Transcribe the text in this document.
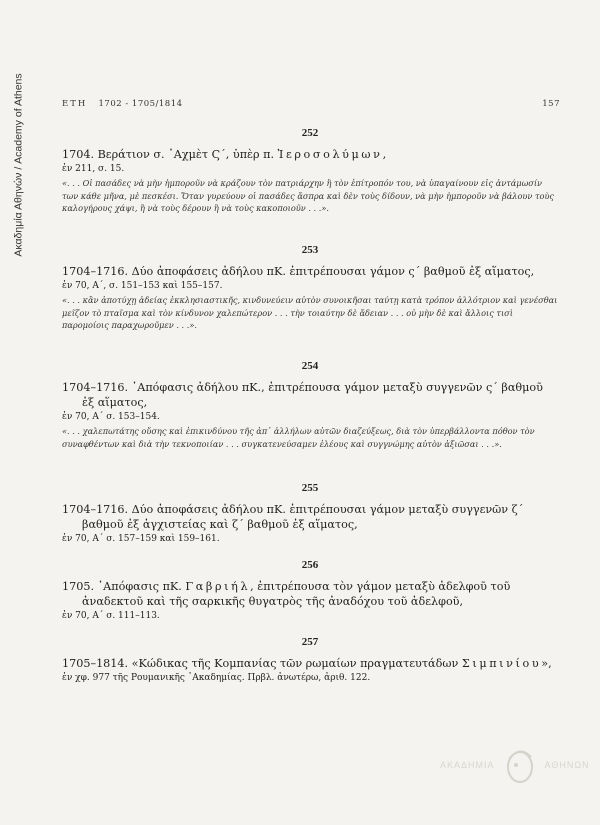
Ακαδημία Αθηνών / Academy of Athens	ΕΤΗ 1702 - 1705/1814	157
252
1704. Βεράτιον σ. ᾽Αχμὲτ Ϛ΄, ὑπὲρ π. Ἱεροσολύμων,
ἐν 211, σ. 15.
«. . . Οἱ πασάδες νὰ μὴν ἠμποροῦν νὰ κράζουν τὸν πατριάρχην ἢ τὸν ἐπίτροπόν του, νὰ ὑπαγαίνουν εἰς ἀντάμωσίν των κάθε μῆνα, μὲ πεσκέσι. Ὅταν γυρεύουν οἱ πασάδες ἄσπρα καὶ δὲν τοὺς δίδουν, νὰ μὴν ἠμποροῦν νὰ βάλουν τοὺς καλογήρους χάψι, ἢ νὰ τοὺς δέρουν ἢ νὰ τοὺς κακοποιοῦν . . .».
253
1704–1716. Δύο ἀποφάσεις ἀδήλου πΚ. ἐπιτρέπουσαι γάμον ς΄ βαθμοῦ ἐξ αἵματος,
ἐν 70, Α΄, σ. 151–153 καὶ 155–157.
«. . . κἂν ἀποτύχῃ ἀδείας ἐκκλησιαστικῆς, κινδυνεύειν αὐτὸν συνοικῆσαι ταύτῃ κατὰ τρόπον ἀλλότριον καὶ γενέσθαι μεῖζον τὸ πταῖσμα καὶ τὸν κίνδυνον χαλεπώτερον . . . τὴν τοιαύτην δὲ ἄδειαν . . . οὐ μὴν δὲ καὶ ἄλλοις τισὶ παρομοίοις παραχωροῦμεν . . .».
254
1704–1716. ᾽Απόφασις ἀδήλου πΚ., ἐπιτρέπουσα γάμον μεταξὺ συγγενῶν ς΄ βαθμοῦ ἐξ αἵματος,
ἐν 70, Α΄ σ. 153–154.
«. . . χαλεπωτάτης οὔσης καὶ ἐπικινδύνου τῆς ἀπ᾽ ἀλλήλων αὐτῶν διαζεύξεως, διὰ τὸν ὑπερβάλλοντα πόθον τὸν συναφθέντων καὶ διὰ τὴν τεκνοποιίαν . . . συγκατενεύσαμεν ἐλέους καὶ συγγνώμης αὐτὸν ἀξιῶσαι . . .».
255
1704–1716. Δύο ἀποφάσεις ἀδήλου πΚ. ἐπιτρέπουσαι γάμον μεταξὺ συγγενῶν ζ΄ βαθμοῦ ἐξ ἀγχιστείας καὶ ζ΄ βαθμοῦ ἐξ αἵματος,
ἐν 70, Α΄ σ. 157–159 καὶ 159–161.
256
1705. ᾽Απόφασις πΚ. Γαβριήλ, ἐπιτρέπουσα τὸν γάμον μεταξὺ ἀδελφοῦ τοῦ ἀναδεκτοῦ καὶ τῆς σαρκικῆς θυγατρὸς τῆς ἀναδόχου τοῦ ἀδελφοῦ,
ἐν 70, Α΄ σ. 111–113.
257
1705–1814. «Κώδικας τῆς Κομπανίας τῶν ρωμαίων πραγματευτάδων Σιμπινίου»,
ἐν χφ. 977 τῆς Ρουμανικῆς ᾽Ακαδημίας. Πρβλ. ἀνωτέρω, ἀριθ. 122.
ΑΚΑΔΗΜΙΑ	ΑΘΗΝΩΝ
